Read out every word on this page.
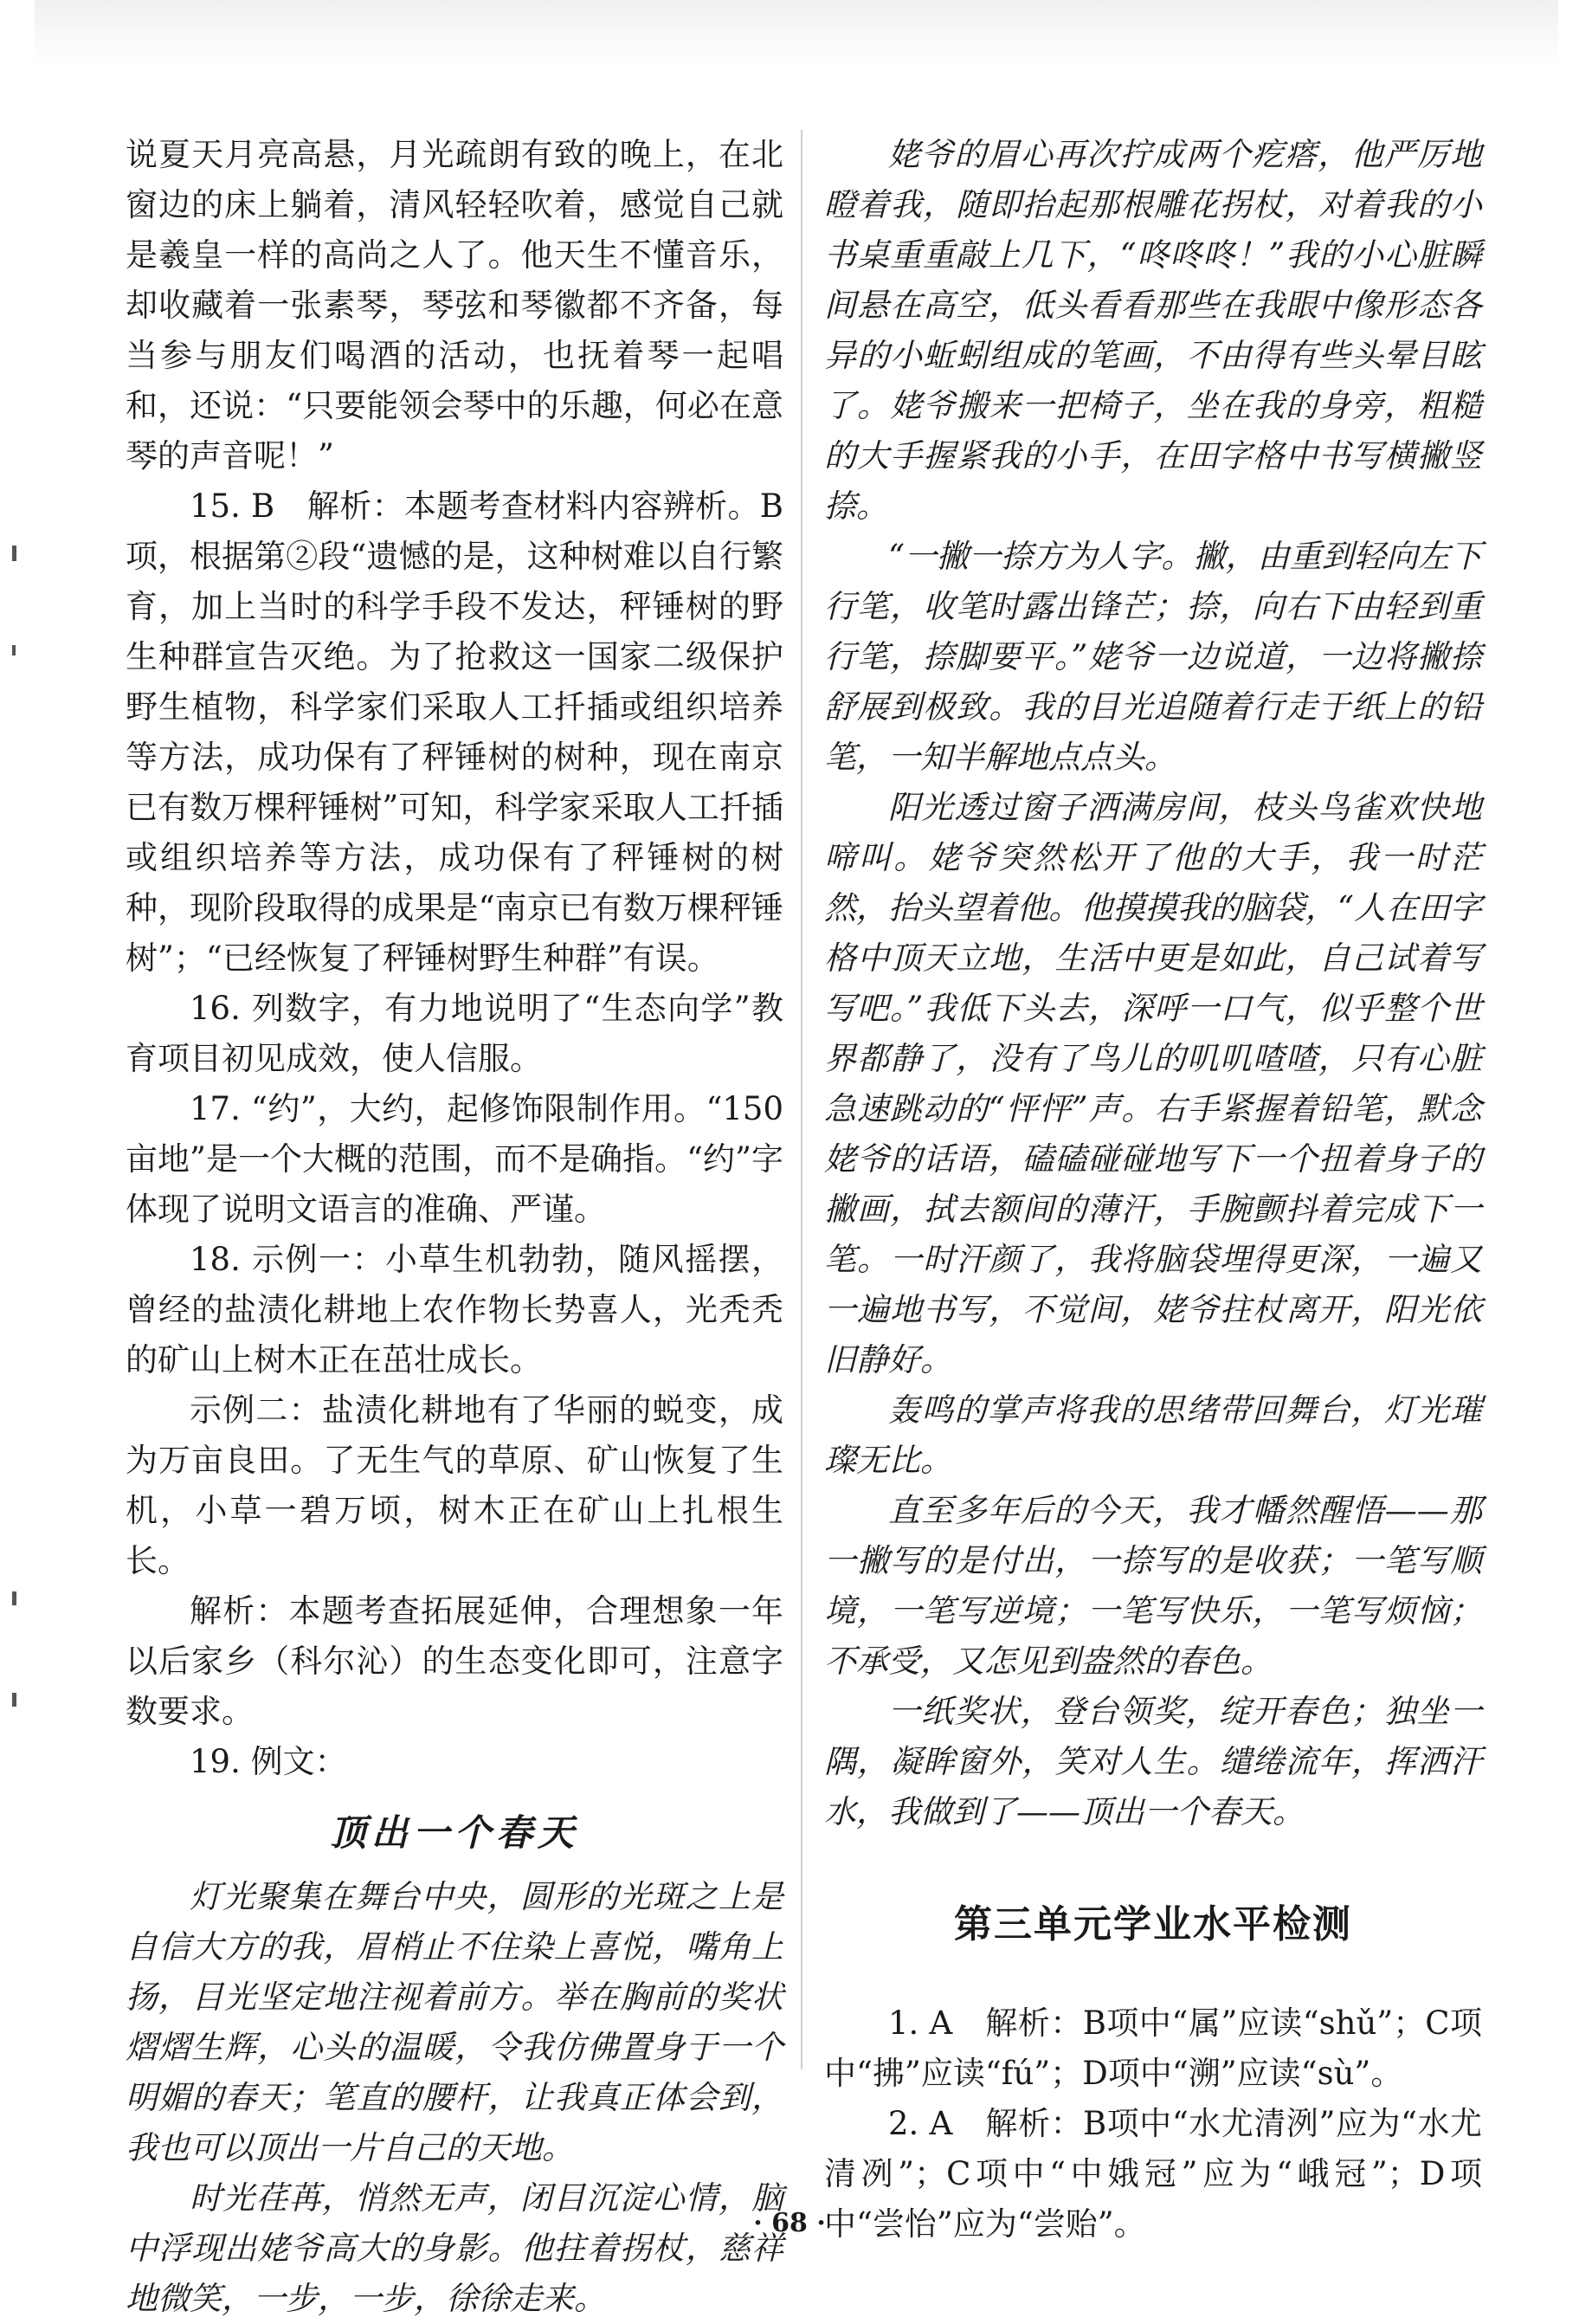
说夏天月亮高悬，月光疏朗有致的晚上，在北窗边的床上躺着，清风轻轻吹着，感觉自己就是羲皇一样的高尚之人了。他天生不懂音乐，却收藏着一张素琴，琴弦和琴徽都不齐备，每当参与朋友们喝酒的活动，也抚着琴一起唱和，还说：“只要能领会琴中的乐趣，何必在意琴的声音呢！”

15. B　解析：本题考查材料内容辨析。B项，根据第②段“遗憾的是，这种树难以自行繁育，加上当时的科学手段不发达，秤锤树的野生种群宣告灭绝。为了抢救这一国家二级保护野生植物，科学家们采取人工扦插或组织培养等方法，成功保有了秤锤树的树种，现在南京已有数万棵秤锤树”可知，科学家采取人工扦插或组织培养等方法，成功保有了秤锤树的树种，现阶段取得的成果是“南京已有数万棵秤锤树”；“已经恢复了秤锤树野生种群”有误。

16. 列数字，有力地说明了“生态向学”教育项目初见成效，使人信服。

17. “约”，大约，起修饰限制作用。“150亩地”是一个大概的范围，而不是确指。“约”字体现了说明文语言的准确、严谨。

18. 示例一：小草生机勃勃，随风摇摆，曾经的盐渍化耕地上农作物长势喜人，光秃秃的矿山上树木正在茁壮成长。

示例二：盐渍化耕地有了华丽的蜕变，成为万亩良田。了无生气的草原、矿山恢复了生机，小草一碧万顷，树木正在矿山上扎根生长。

解析：本题考查拓展延伸，合理想象一年以后家乡（科尔沁）的生态变化即可，注意字数要求。

19. 例文：

顶出一个春天

灯光聚集在舞台中央，圆形的光斑之上是自信大方的我，眉梢止不住染上喜悦，嘴角上扬，目光坚定地注视着前方。举在胸前的奖状熠熠生辉，心头的温暖，令我仿佛置身于一个明媚的春天；笔直的腰杆，让我真正体会到，我也可以顶出一片自己的天地。

时光荏苒，悄然无声，闭目沉淀心情，脑中浮现出姥爷高大的身影。他拄着拐杖，慈祥地微笑，一步，一步，徐徐走来。

姥爷的眉心再次拧成两个疙瘩，他严厉地瞪着我，随即抬起那根雕花拐杖，对着我的小书桌重重敲上几下，“咚咚咚！”我的小心脏瞬间悬在高空，低头看看那些在我眼中像形态各异的小蚯蚓组成的笔画，不由得有些头晕目眩了。姥爷搬来一把椅子，坐在我的身旁，粗糙的大手握紧我的小手，在田字格中书写横撇竖捺。

“一撇一捺方为人字。撇，由重到轻向左下行笔，收笔时露出锋芒；捺，向右下由轻到重行笔，捺脚要平。”姥爷一边说道，一边将撇捺舒展到极致。我的目光追随着行走于纸上的铅笔，一知半解地点点头。

阳光透过窗子洒满房间，枝头鸟雀欢快地啼叫。姥爷突然松开了他的大手，我一时茫然，抬头望着他。他摸摸我的脑袋，“人在田字格中顶天立地，生活中更是如此，自己试着写写吧。”我低下头去，深呼一口气，似乎整个世界都静了，没有了鸟儿的叽叽喳喳，只有心脏急速跳动的“怦怦”声。右手紧握着铅笔，默念姥爷的话语，磕磕碰碰地写下一个扭着身子的撇画，拭去额间的薄汗，手腕颤抖着完成下一笔。一时汗颜了，我将脑袋埋得更深，一遍又一遍地书写，不觉间，姥爷拄杖离开，阳光依旧静好。

轰鸣的掌声将我的思绪带回舞台，灯光璀璨无比。

直至多年后的今天，我才幡然醒悟——那一撇写的是付出，一捺写的是收获；一笔写顺境，一笔写逆境；一笔写快乐，一笔写烦恼；不承受，又怎见到盎然的春色。

一纸奖状，登台领奖，绽开春色；独坐一隅，凝眸窗外，笑对人生。缱绻流年，挥洒汗水，我做到了——顶出一个春天。

第三单元学业水平检测

1. A　解析：B项中“属”应读“shǔ”；C项中“拂”应读“fú”；D项中“溯”应读“sù”。

2. A　解析：B项中“水尤清洌”应为“水尤清冽”；C项中“中娥冠”应为“峨冠”；D项中“尝怡”应为“尝贻”。

· 68 ·
